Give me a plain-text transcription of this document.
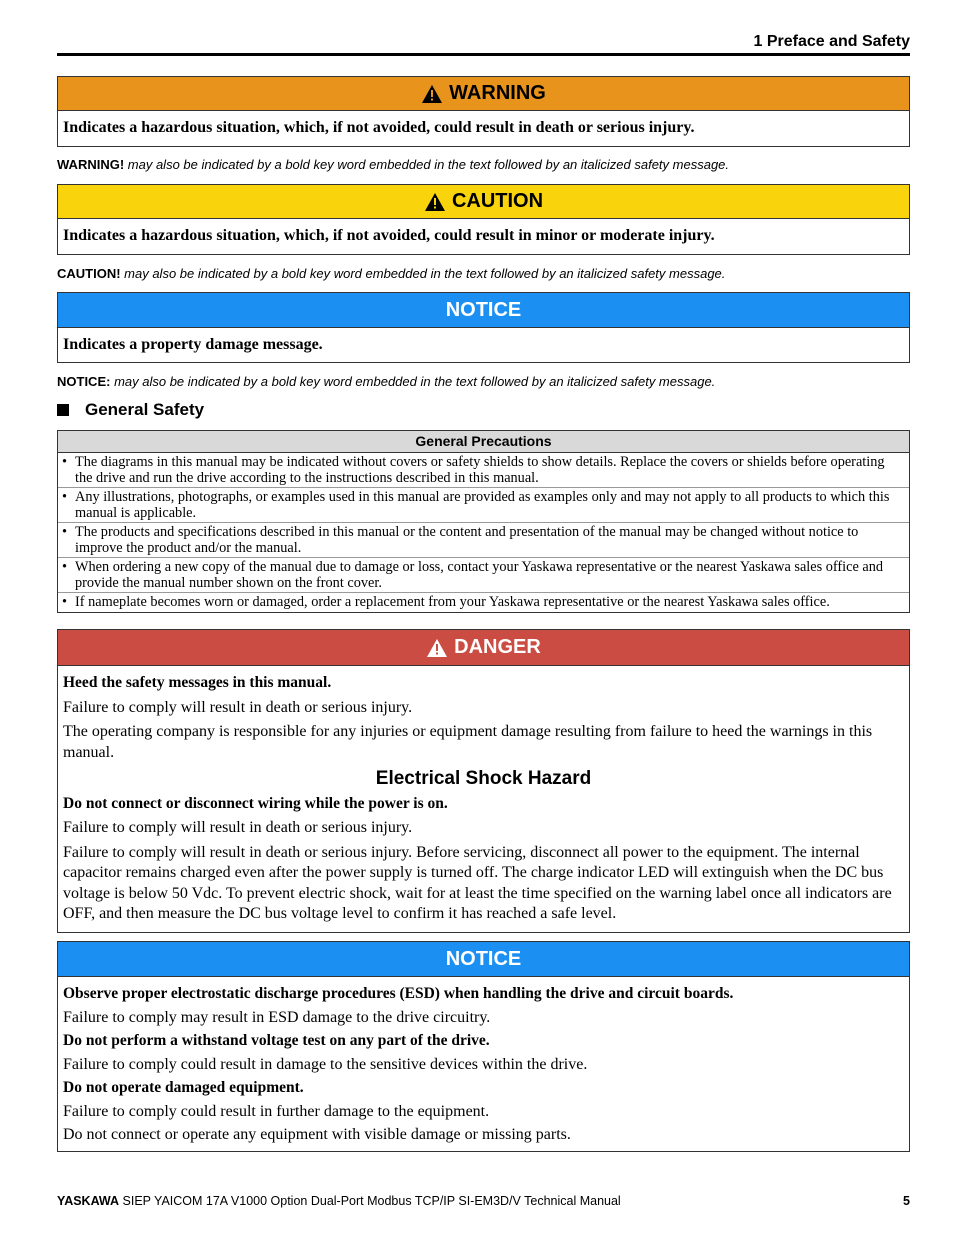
1 Preface and Safety
WARNING
Indicates a hazardous situation, which, if not avoided, could result in death or serious injury.
WARNING! may also be indicated by a bold key word embedded in the text followed by an italicized safety message.
CAUTION
Indicates a hazardous situation, which, if not avoided, could result in minor or moderate injury.
CAUTION! may also be indicated by a bold key word embedded in the text followed by an italicized safety message.
NOTICE
Indicates a property damage message.
NOTICE: may also be indicated by a bold key word embedded in the text followed by an italicized safety message.
General Safety
General Precautions
• The diagrams in this manual may be indicated without covers or safety shields to show details. Replace the covers or shields before operating the drive and run the drive according to the instructions described in this manual.
• Any illustrations, photographs, or examples used in this manual are provided as examples only and may not apply to all products to which this manual is applicable.
• The products and specifications described in this manual or the content and presentation of the manual may be changed without notice to improve the product and/or the manual.
• When ordering a new copy of the manual due to damage or loss, contact your Yaskawa representative or the nearest Yaskawa sales office and provide the manual number shown on the front cover.
• If nameplate becomes worn or damaged, order a replacement from your Yaskawa representative or the nearest Yaskawa sales office.
DANGER
Heed the safety messages in this manual.
Failure to comply will result in death or serious injury.
The operating company is responsible for any injuries or equipment damage resulting from failure to heed the warnings in this manual.
Electrical Shock Hazard
Do not connect or disconnect wiring while the power is on.
Failure to comply will result in death or serious injury.
Failure to comply will result in death or serious injury. Before servicing, disconnect all power to the equipment. The internal capacitor remains charged even after the power supply is turned off. The charge indicator LED will extinguish when the DC bus voltage is below 50 Vdc. To prevent electric shock, wait for at least the time specified on the warning label once all indicators are OFF, and then measure the DC bus voltage level to confirm it has reached a safe level.
NOTICE
Observe proper electrostatic discharge procedures (ESD) when handling the drive and circuit boards.
Failure to comply may result in ESD damage to the drive circuitry.
Do not perform a withstand voltage test on any part of the drive.
Failure to comply could result in damage to the sensitive devices within the drive.
Do not operate damaged equipment.
Failure to comply could result in further damage to the equipment.
Do not connect or operate any equipment with visible damage or missing parts.
YASKAWA SIEP YAICOM 17A V1000 Option Dual-Port Modbus TCP/IP SI-EM3D/V Technical Manual	5
